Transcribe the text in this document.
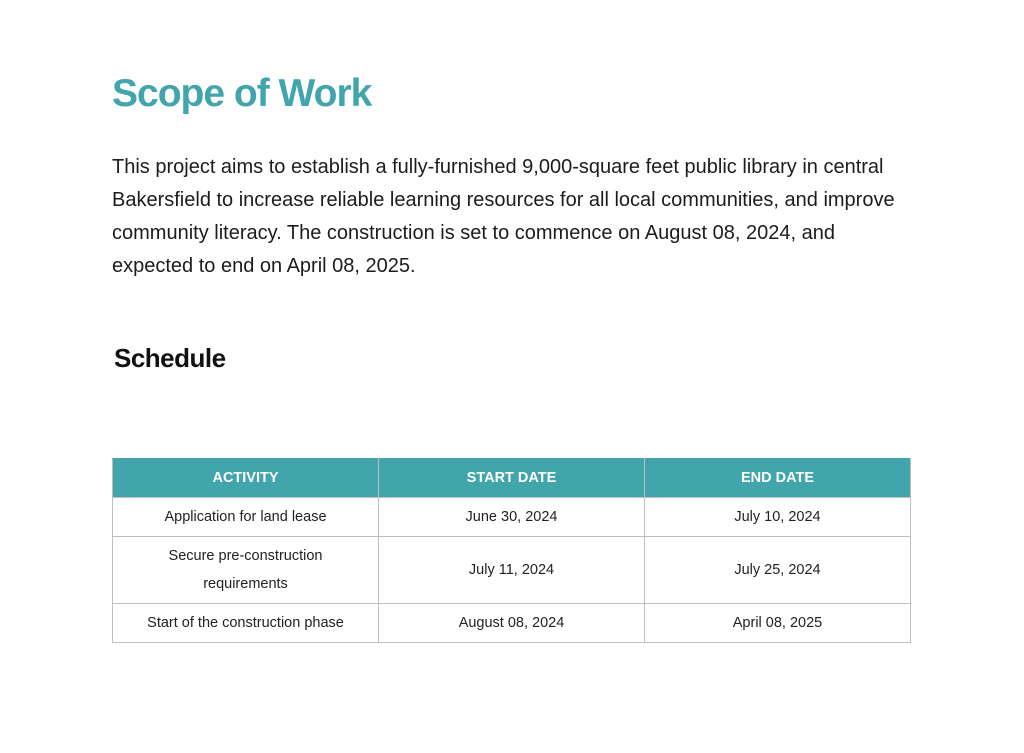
Scope of Work

This project aims to establish a fully-furnished 9,000-square feet public library in central Bakersfield to increase reliable learning resources for all local communities, and improve community literacy. The construction is set to commence on August 08, 2024, and expected to end on April 08, 2025.

Schedule
ACTIVITY	START DATE	END DATE
Application for land lease	June 30, 2024	July 10, 2024
Secure pre-construction requirements	July 11, 2024	July 25, 2024
Start of the construction phase	August 08, 2024	April 08, 2025
